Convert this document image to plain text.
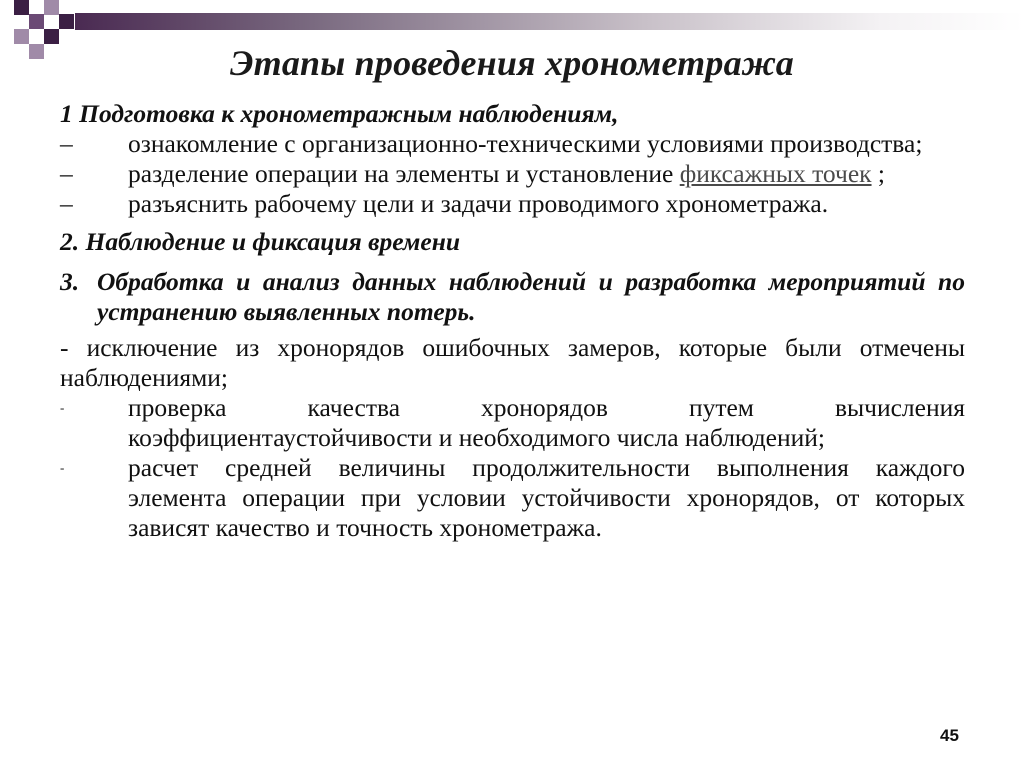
Этапы проведения хронометража

1 Подготовка к хронометражным наблюдениям,

–	ознакомление с организационно-техническими условиями производства;
–	разделение операции на элементы и установление фиксажных точек ;
–	разъяснить рабочему цели и задачи проводимого хронометража.

2. Наблюдение и фиксация времени

3. Обработка и анализ данных наблюдений и разработка мероприятий по устранению выявленных потерь.
- исключение из хронорядов ошибочных замеров, которые были отмечены наблюдениями;
-	проверка качества хронорядов путем вычисления коэффициентаустойчивости и необходимого числа наблюдений;
-	расчет средней величины продолжительности выполнения каждого элемента операции при условии устойчивости хронорядов, от которых зависят качество и точность хронометража.
45
